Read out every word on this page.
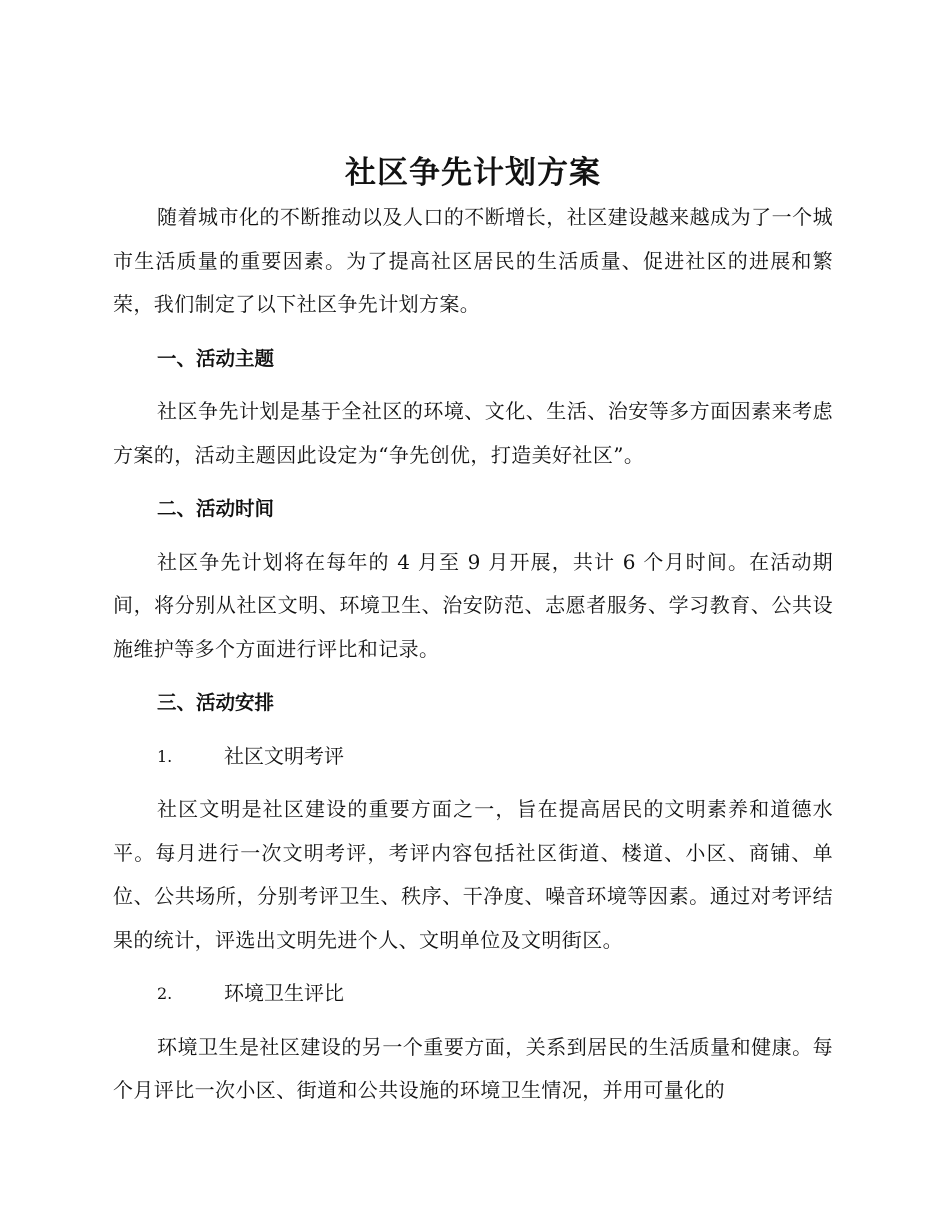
社区争先计划方案

随着城市化的不断推动以及人口的不断增长，社区建设越来越成为了一个城市生活质量的重要因素。为了提高社区居民的生活质量、促进社区的进展和繁荣，我们制定了以下社区争先计划方案。

一、活动主题

社区争先计划是基于全社区的环境、文化、生活、治安等多方面因素来考虑方案的，活动主题因此设定为“争先创优，打造美好社区”。

二、活动时间

社区争先计划将在每年的 4 月至 9 月开展，共计 6 个月时间。在活动期间，将分别从社区文明、环境卫生、治安防范、志愿者服务、学习教育、公共设施维护等多个方面进行评比和记录。

三、活动安排

1.	社区文明考评

社区文明是社区建设的重要方面之一，旨在提高居民的文明素养和道德水平。每月进行一次文明考评，考评内容包括社区街道、楼道、小区、商铺、单位、公共场所，分别考评卫生、秩序、干净度、噪音环境等因素。通过对考评结果的统计，评选出文明先进个人、文明单位及文明街区。

2.	环境卫生评比

环境卫生是社区建设的另一个重要方面，关系到居民的生活质量和健康。每个月评比一次小区、街道和公共设施的环境卫生情况，并用可量化的
